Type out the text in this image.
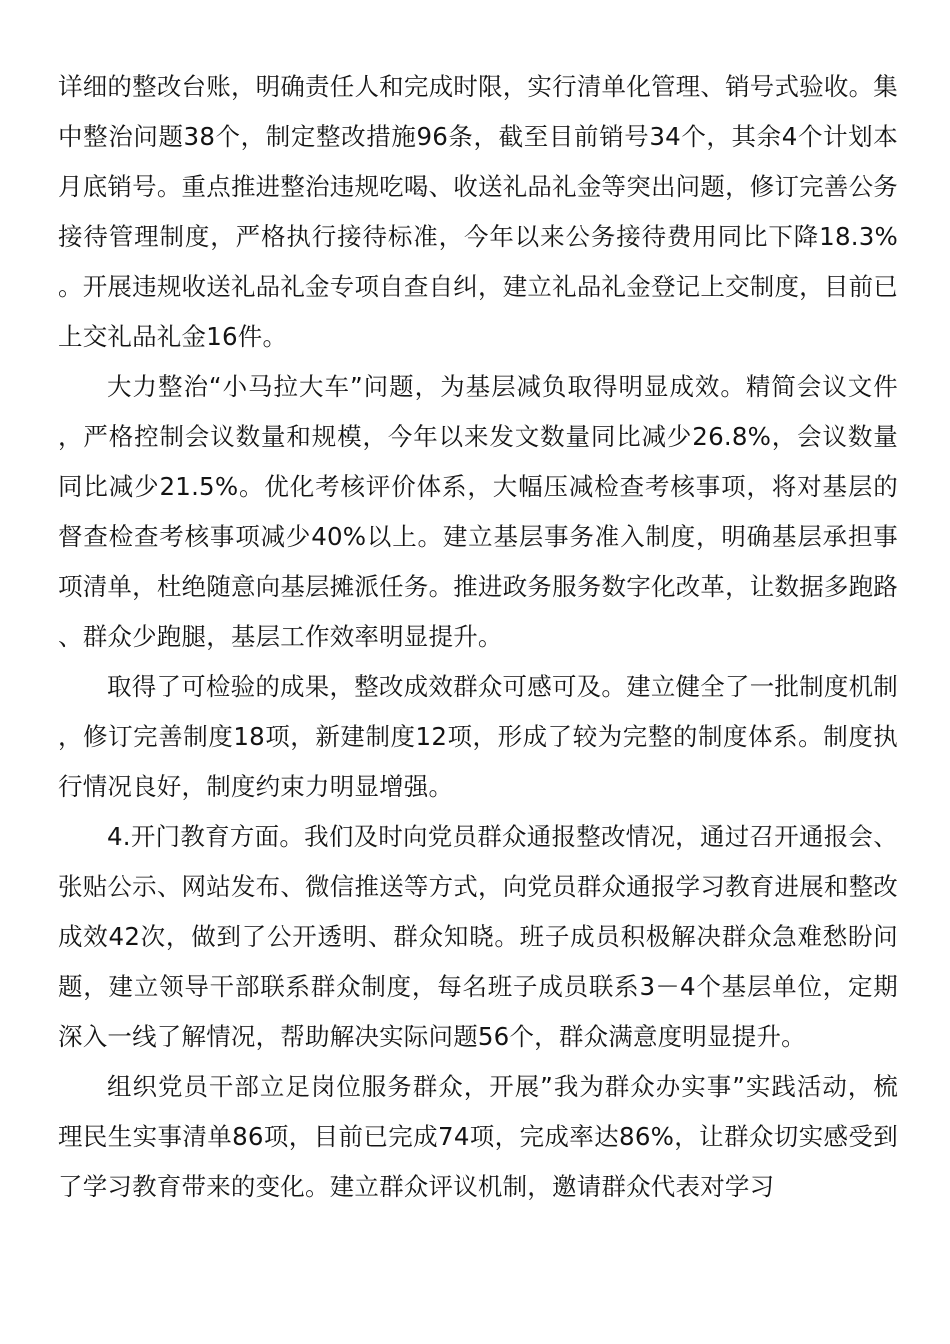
详细的整改台账，明确责任人和完成时限，实行清单化管理、销号式验收。集中整治问题38个，制定整改措施96条，截至目前销号34个，其余4个计划本月底销号。重点推进整治违规吃喝、收送礼品礼金等突出问题，修订完善公务接待管理制度，严格执行接待标准，今年以来公务接待费用同比下降18.3%。开展违规收送礼品礼金专项自查自纠，建立礼品礼金登记上交制度，目前已上交礼品礼金16件。

大力整治“小马拉大车”问题，为基层减负取得明显成效。精简会议文件，严格控制会议数量和规模，今年以来发文数量同比减少26.8%，会议数量同比减少21.5%。优化考核评价体系，大幅压减检查考核事项，将对基层的督查检查考核事项减少40%以上。建立基层事务准入制度，明确基层承担事项清单，杜绝随意向基层摊派任务。推进政务服务数字化改革，让数据多跑路、群众少跑腿，基层工作效率明显提升。

取得了可检验的成果，整改成效群众可感可及。建立健全了一批制度机制，修订完善制度18项，新建制度12项，形成了较为完整的制度体系。制度执行情况良好，制度约束力明显增强。

4.开门教育方面。我们及时向党员群众通报整改情况，通过召开通报会、张贴公示、网站发布、微信推送等方式，向党员群众通报学习教育进展和整改成效42次，做到了公开透明、群众知晓。班子成员积极解决群众急难愁盼问题，建立领导干部联系群众制度，每名班子成员联系3－4个基层单位，定期深入一线了解情况，帮助解决实际问题56个，群众满意度明显提升。

组织党员干部立足岗位服务群众，开展”我为群众办实事”实践活动，梳理民生实事清单86项，目前已完成74项，完成率达86%，让群众切实感受到了学习教育带来的变化。建立群众评议机制，邀请群众代表对学习
